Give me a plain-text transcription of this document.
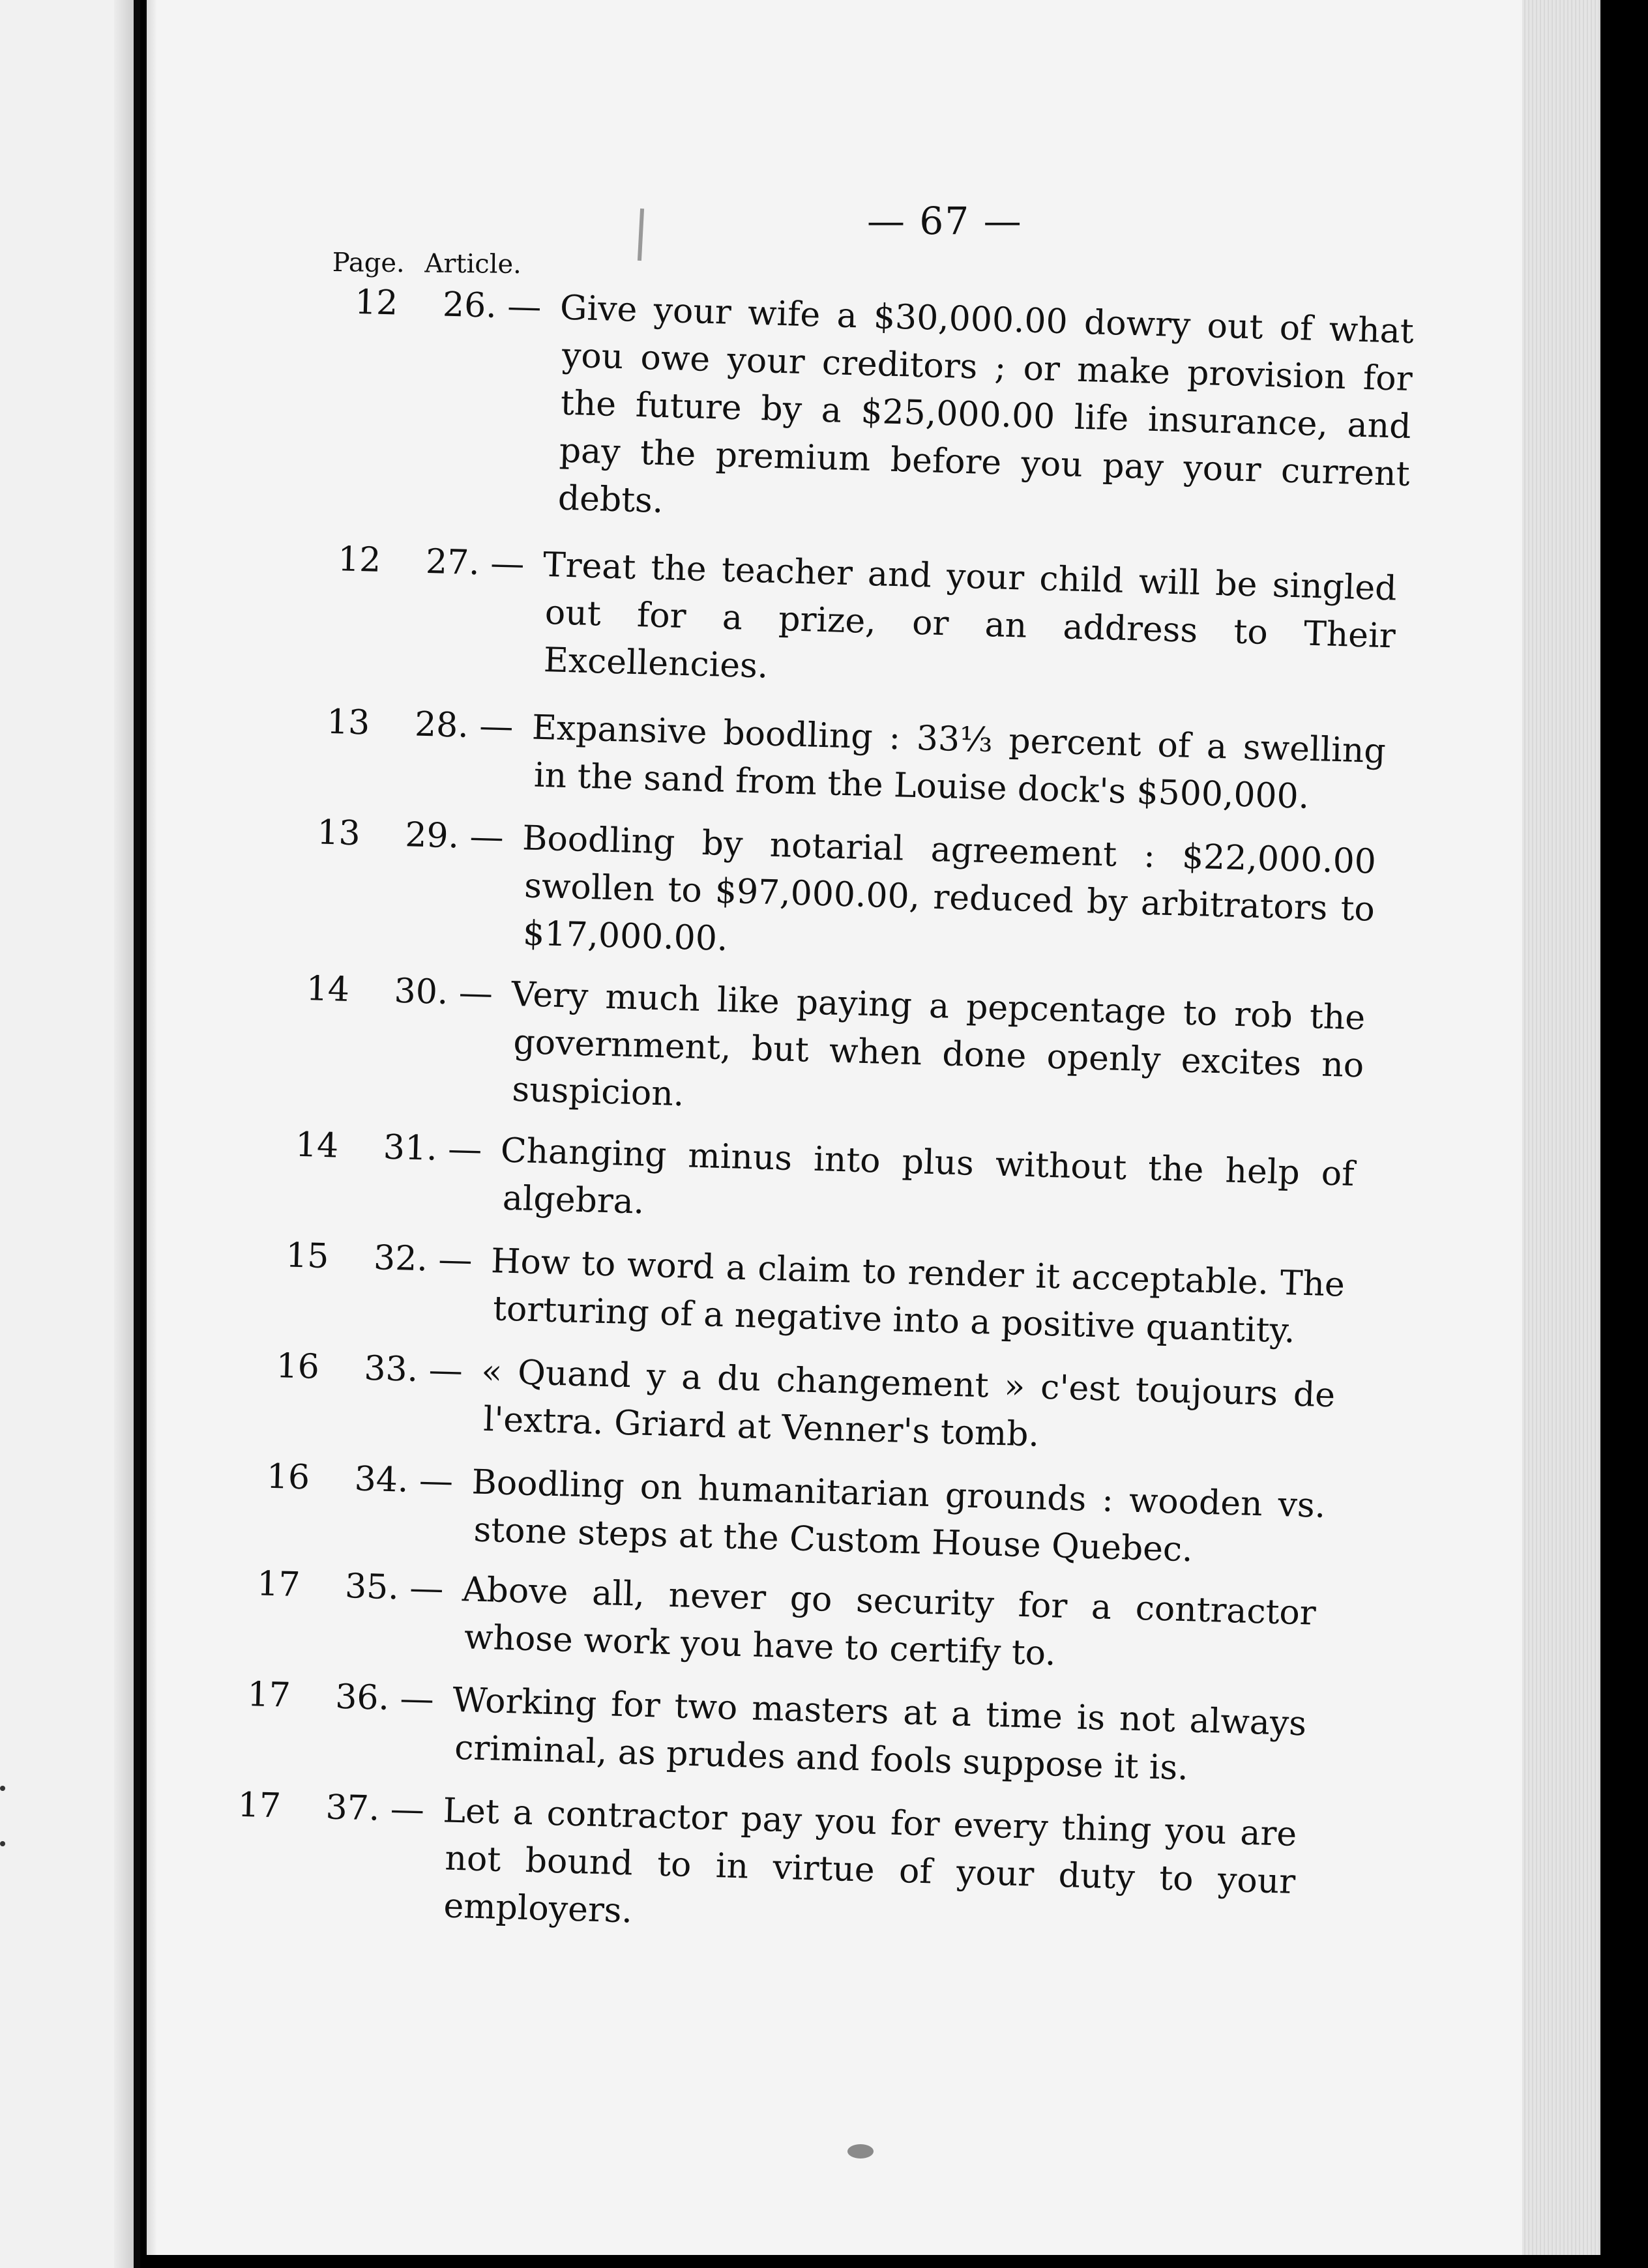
— 67 —
Page. Article.
12	26. — Give your wife a $30,000.00 dowry out of what you owe your creditors ; or make provision for the future by a $25,000.00 life insurance, and pay the premium before you pay your current debts.
12	27. — Treat the teacher and your child will be singled out for a prize, or an address to Their Excellencies.
13	28. — Expansive boodling : 33⅓ percent of a swelling in the sand from the Louise dock's $500,000.
13	29. — Boodling by notarial agreement : $22,000.00 swollen to $97,000.00, reduced by arbitrators to $17,000.00.
14	30. — Very much like paying a pepcentage to rob the government, but when done openly excites no suspicion.
14	31. — Changing minus into plus without the help of algebra.
15	32. — How to word a claim to render it acceptable. The torturing of a negative into a positive quantity.
16	33. — « Quand y a du changement » c'est toujours de l'extra. Griard at Venner's tomb.
16	34. — Boodling on humanitarian grounds : wooden vs. stone steps at the Custom House Quebec.
17	35. — Above all, never go security for a contractor whose work you have to certify to.
17	36. — Working for two masters at a time is not always criminal, as prudes and fools suppose it is.
17	37. — Let a contractor pay you for every thing you are not bound to in virtue of your duty to your employers.
